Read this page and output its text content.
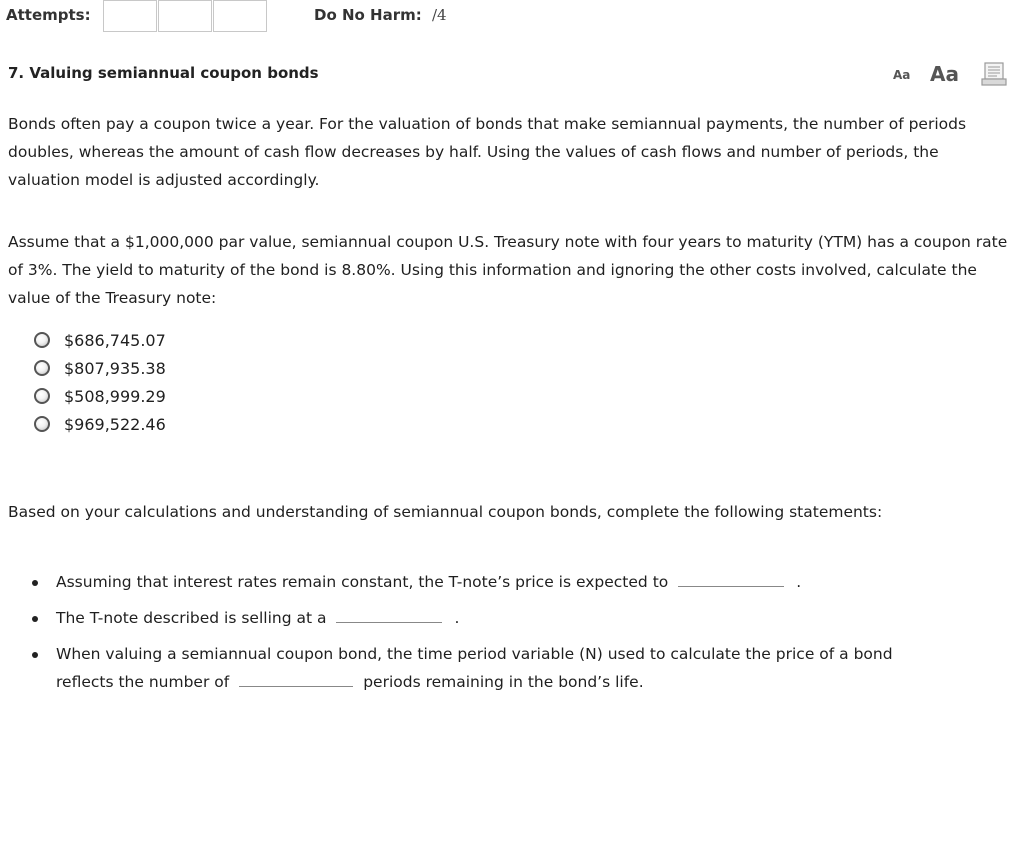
Attempts:	Do No Harm: /4
7. Valuing semiannual coupon bonds	Aa Aa

Bonds often pay a coupon twice a year. For the valuation of bonds that make semiannual payments, the number of periods doubles, whereas the amount of cash flow decreases by half. Using the values of cash flows and number of periods, the valuation model is adjusted accordingly.

Assume that a $1,000,000 par value, semiannual coupon U.S. Treasury note with four years to maturity (YTM) has a coupon rate of 3%. The yield to maturity of the bond is 8.80%. Using this information and ignoring the other costs involved, calculate the value of the Treasury note:

$686,745.07
$807,935.38
$508,999.29
$969,522.46

Based on your calculations and understanding of semiannual coupon bonds, complete the following statements:

Assuming that interest rates remain constant, the T-note’s price is expected to	.
The T-note described is selling at a	.
When valuing a semiannual coupon bond, the time period variable (N) used to calculate the price of a bond reflects the number of	periods remaining in the bond’s life.
